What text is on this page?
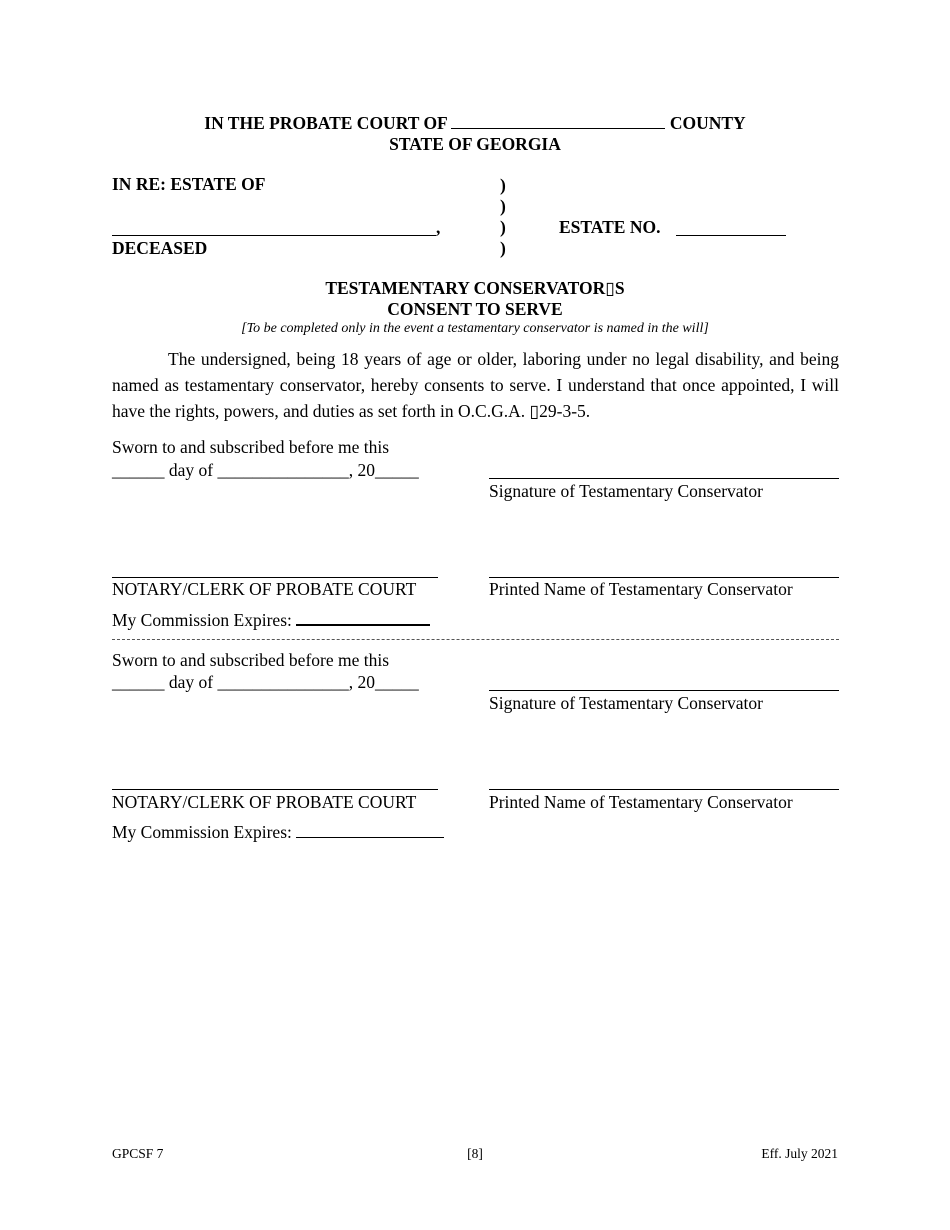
IN THE PROBATE COURT OF	COUNTY
STATE OF GEORGIA
IN RE: ESTATE OF
,
DECEASED
)
)
)
)
ESTATE NO.
TESTAMENTARY CONSERVATOR▯S
CONSENT TO SERVE
[To be completed only in the event a testamentary conservator is named in the will]
The undersigned, being 18 years of age or older, laboring under no legal disability, and being named as testamentary conservator, hereby consents to serve. I understand that once appointed, I will have the rights, powers, and duties as set forth in O.C.G.A. ▯29-3-5.
Sworn to and subscribed before me this
______ day of _______________, 20_____
Signature of Testamentary Conservator
NOTARY/CLERK OF PROBATE COURT	Printed Name of Testamentary Conservator
My Commission Expires:
Sworn to and subscribed before me this
______ day of _______________, 20_____
Signature of Testamentary Conservator
NOTARY/CLERK OF PROBATE COURT	Printed Name of Testamentary Conservator
My Commission Expires:
GPCSF 7	[8]	Eff. July 2021
